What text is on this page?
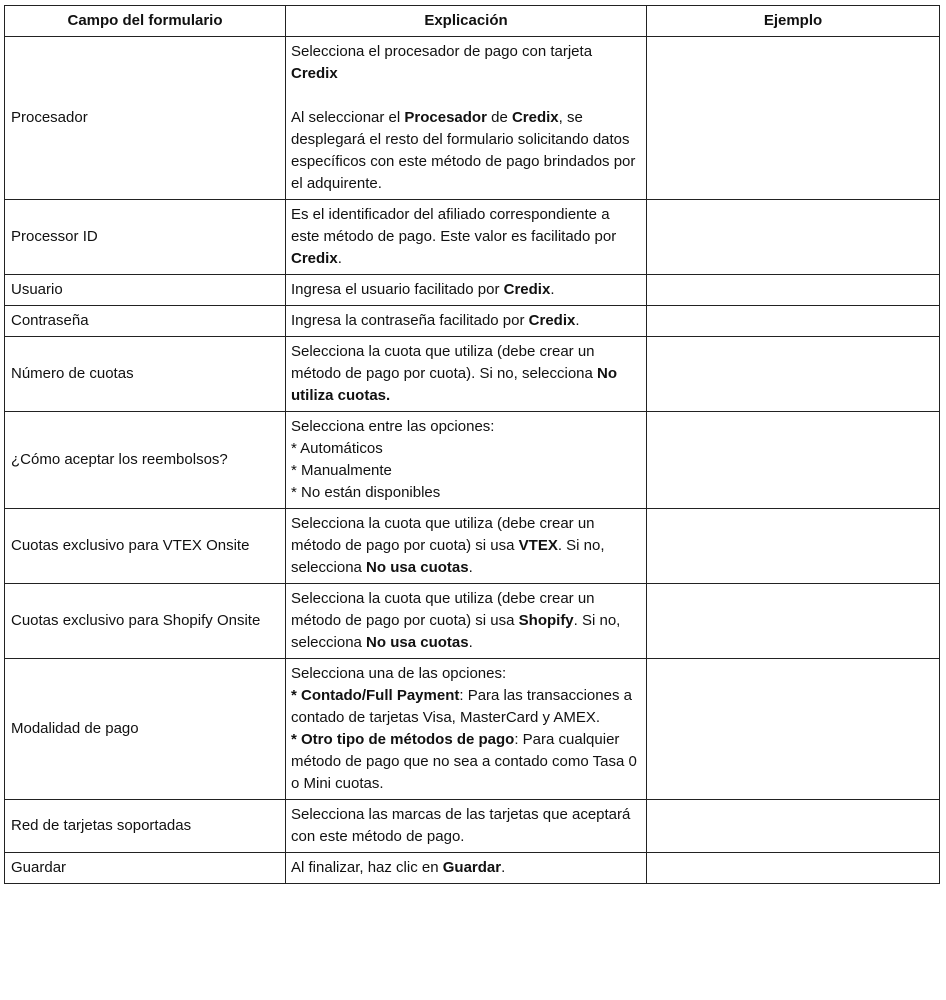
Campo del formulario	Explicación	Ejemplo
Procesador	Selecciona el procesador de pago con tarjeta Credix
Al seleccionar el Procesador de Credix, se desplegará el resto del formulario solicitando datos específicos con este método de pago brindados por el adquirente.	

Processor ID	Es el identificador del afiliado correspondiente a este método de pago. Este valor es facilitado por Credix.	

Usuario	Ingresa el usuario facilitado por Credix.	

Contraseña	Ingresa la contraseña facilitado por Credix.	

Número de cuotas	Selecciona la cuota que utiliza (debe crear un método de pago por cuota). Si no, selecciona No utiliza cuotas.	

¿Cómo aceptar los reembolsos?	Selecciona entre las opciones:
* Automáticos
* Manualmente
* No están disponibles	

Cuotas exclusivo para VTEX Onsite	Selecciona la cuota que utiliza (debe crear un método de pago por cuota) si usa VTEX. Si no, selecciona No usa cuotas.	

Cuotas exclusivo para Shopify Onsite	Selecciona la cuota que utiliza (debe crear un método de pago por cuota) si usa Shopify. Si no, selecciona No usa cuotas.	

Modalidad de pago	Selecciona una de las opciones:
* Contado/Full Payment: Para las transacciones a contado de tarjetas Visa, MasterCard y AMEX.
* Otro tipo de métodos de pago: Para cualquier método de pago que no sea a contado como Tasa 0 o Mini cuotas.	

Red de tarjetas soportadas	Selecciona las marcas de las tarjetas que aceptará con este método de pago.	

Guardar	Al finalizar, haz clic en Guardar.	
